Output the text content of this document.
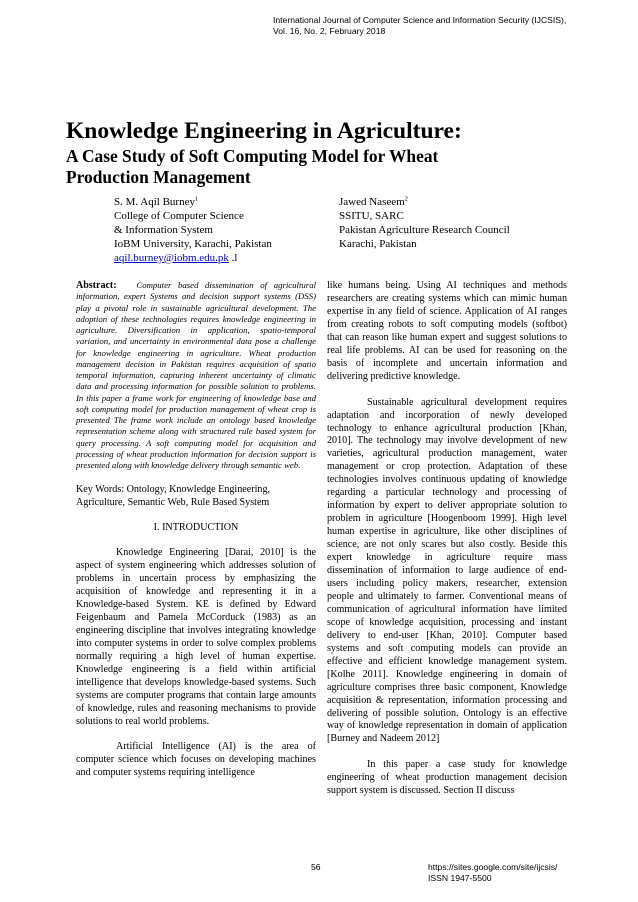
International Journal of Computer Science and Information Security (IJCSIS),
Vol. 16, No. 2, February 2018
Knowledge Engineering in Agriculture:
A Case Study of Soft Computing Model for Wheat Production Management
S. M. Aqil Burney$^1$
College of Computer Science
& Information System
IoBM University, Karachi, Pakistan
aqil.burney@iobm.edu.pk .l
Jawed Naseem$^2$
SSITU, SARC
Pakistan Agriculture Research Council
Karachi, Pakistan

Abstract: Computer based dissemination of agricultural information, expert Systems and decision support systems (DSS) play a pivotal role in sustainable agricultural development. The adoption of these technologies requires knowledge engineering in agriculture. Diversification in application, spatio-temporal variation, and uncertainty in environmental data pose a challenge for knowledge engineering in agriculture. Wheat production management decision in Pakistan requires acquisition of spatio temporal information, capturing inherent uncertainty of climatic data and processing information for possible solution to problems. In this paper a frame work for engineering of knowledge base and soft computing model for production management of wheat crop is presented The frame work include an ontology based knowledge representation scheme along with structured rule based system for query processing. A soft computing model for acquisition and processing of wheat production information for decision support is presented along with knowledge delivery through semantic web.

Key Words: Ontology, Knowledge Engineering, Agriculture, Semantic Web, Rule Based System

I. INTRODUCTION

Knowledge Engineering [Darai, 2010] is the aspect of system engineering which addresses solution of problems in uncertain process by emphasizing the acquisition of knowledge and representing it in a Knowledge-based System. KE is defined by Edward Feigenbaum and Pamela McCorduck (1983) as an engineering discipline that involves integrating knowledge into computer systems in order to solve complex problems normally requiring a high level of human expertise. Knowledge engineering is a field within artificial intelligence that develops knowledge-based systems. Such systems are computer programs that contain large amounts of knowledge, rules and reasoning mechanisms to provide solutions to real world problems.

Artificial Intelligence (AI) is the area of computer science which focuses on developing machines and computer systems requiring intelligence

like humans being. Using AI techniques and methods researchers are creating systems which can mimic human expertise in any field of science. Application of AI ranges from creating robots to soft computing models (softbot) that can reason like human expert and suggest solutions to real life problems. AI can be used for reasoning on the basis of incomplete and uncertain information and delivering predictive knowledge.

Sustainable agricultural development requires adaptation and incorporation of newly developed technology to enhance agricultural production [Khan, 2010]. The technology may involve development of new varieties, agricultural production management, water management or crop protection. Adaptation of these technologies involves continuous updating of knowledge regarding a particular technology and processing of information by expert to deliver appropriate solution to problem in agriculture [Hoogenboom 1999]. High level human expertise in agriculture, like other disciplines of science, are not only scares but also costly. Beside this expert knowledge in agriculture require mass dissemination of information to large audience of end-users including policy makers, researcher, extension people and ultimately to farmer. Conventional means of communication of agricultural information have limited scope of knowledge acquisition, processing and instant delivery to end-user [Khan, 2010]. Computer based systems and soft computing models can provide an effective and efficient knowledge management system. [Kolhe 2011]. Knowledge engineering in domain of agriculture comprises three basic component, Knowledge acquisition & representation, information processing and delivering of possible solution. Ontology is an effective way of knowledge representation in domain of application [Burney and Nadeem 2012]

In this paper a case study for knowledge engineering of wheat production management decision support system is discussed. Section II discuss

56	https://sites.google.com/site/ijcsis/
ISSN 1947-5500
